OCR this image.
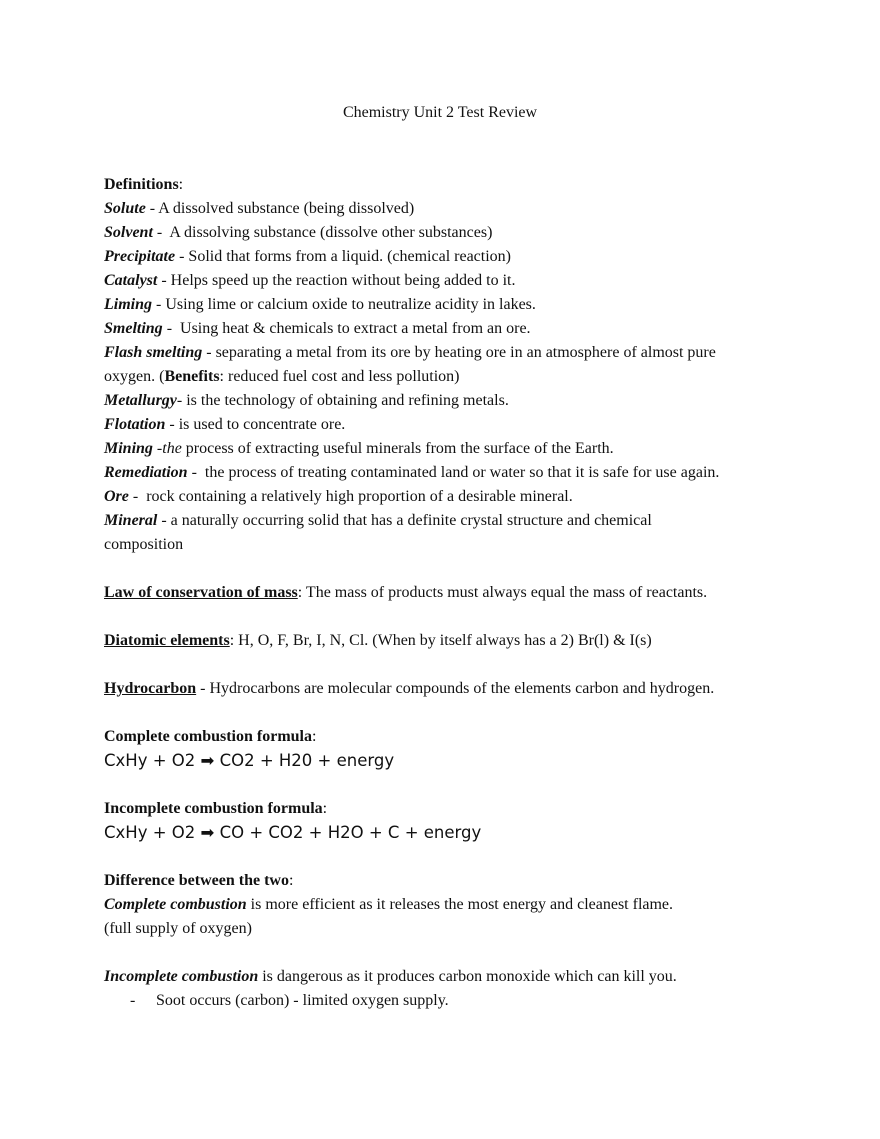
Chemistry Unit 2 Test Review
Definitions:
Solute - A dissolved substance (being dissolved)
Solvent -  A dissolving substance (dissolve other substances)
Precipitate - Solid that forms from a liquid. (chemical reaction)
Catalyst - Helps speed up the reaction without being added to it.
Liming - Using lime or calcium oxide to neutralize acidity in lakes.
Smelting -  Using heat & chemicals to extract a metal from an ore.
Flash smelting - separating a metal from its ore by heating ore in an atmosphere of almost pure
oxygen. (Benefits: reduced fuel cost and less pollution)
Metallurgy- is the technology of obtaining and refining metals.
Flotation - is used to concentrate ore.
Mining -the process of extracting useful minerals from the surface of the Earth.
Remediation -  the process of treating contaminated land or water so that it is safe for use again.
Ore -  rock containing a relatively high proportion of a desirable mineral.
Mineral - a naturally occurring solid that has a definite crystal structure and chemical
composition
Law of conservation of mass: The mass of products must always equal the mass of reactants.
Diatomic elements: H, O, F, Br, I, N, Cl. (When by itself always has a 2) Br(l) & I(s)
Hydrocarbon - Hydrocarbons are molecular compounds of the elements carbon and hydrogen.
Complete combustion formula:
CxHy + O2 ➡ CO2 + H20 + energy
Incomplete combustion formula:
CxHy + O2 ➡ CO + CO2 + H2O + C + energy
Difference between the two:
Complete combustion is more efficient as it releases the most energy and cleanest flame.
(full supply of oxygen)
Incomplete combustion is dangerous as it produces carbon monoxide which can kill you.
- Soot occurs (carbon) - limited oxygen supply.
